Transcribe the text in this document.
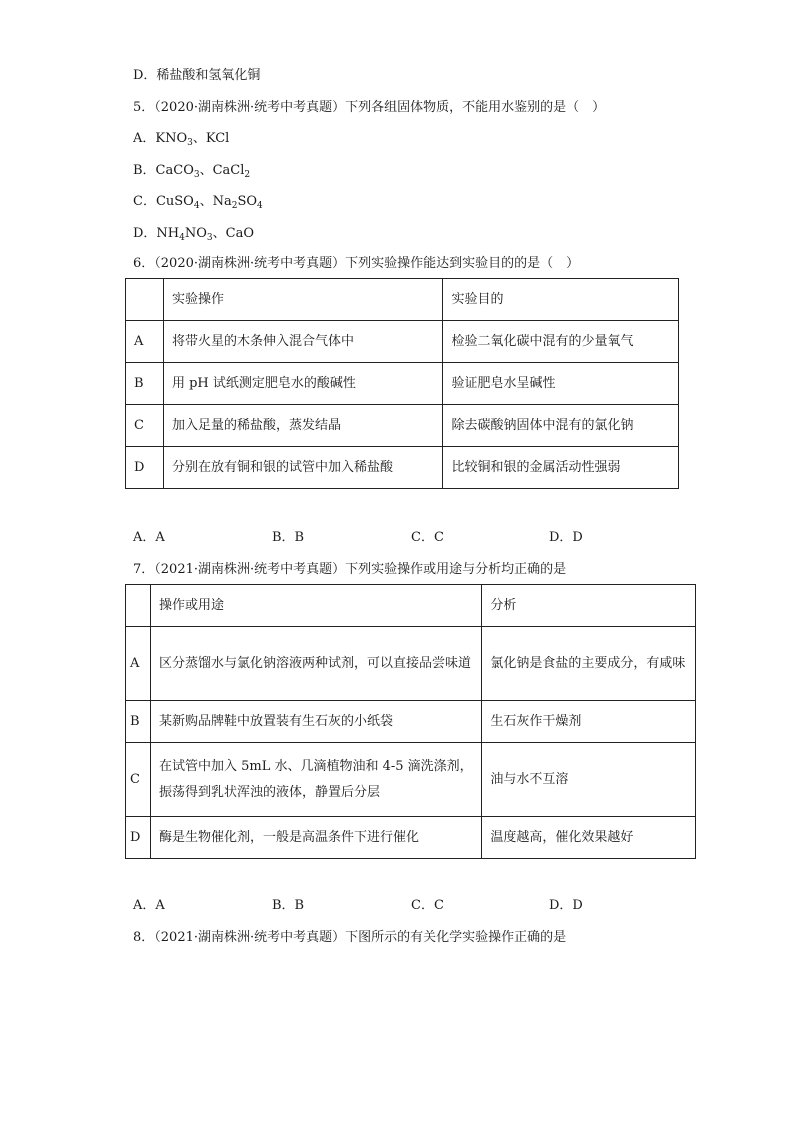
D．稀盐酸和氢氧化铜
5．（2020·湖南株洲·统考中考真题）下列各组固体物质，不能用水鉴别的是（　）
A．$KNO_3$、KCl
B．CaCO$_3$、CaCl$_2$
C．CuSO$_4$、$Na_2SO_4$
D．$NH_4NO_3$、CaO
6．（2020·湖南株洲·统考中考真题）下列实验操作能达到实验目的的是（　）
	实验操作	实验目的
A	将带火星的木条伸入混合气体中	检验二氧化碳中混有的少量氧气
B	用 pH 试纸测定肥皂水的酸碱性	验证肥皂水呈碱性
C	加入足量的稀盐酸，蒸发结晶	除去碳酸钠固体中混有的氯化钠
D	分别在放有铜和银的试管中加入稀盐酸	比较铜和银的金属活动性强弱
A．A	B．B	C．C	D．D
7．（2021·湖南株洲·统考中考真题）下列实验操作或用途与分析均正确的是
	操作或用途	分析
A	区分蒸馏水与氯化钠溶液两种试剂，可以直接品尝味道	氯化钠是食盐的主要成分，有咸味
B	某新购品牌鞋中放置装有生石灰的小纸袋	生石灰作干燥剂
C	在试管中加入 5mL 水、几滴植物油和 4-5 滴洗涤剂，振荡得到乳状浑浊的液体，静置后分层	油与水不互溶
D	酶是生物催化剂，一般是高温条件下进行催化	温度越高，催化效果越好
A．A	B．B	C．C	D．D
8．（2021·湖南株洲·统考中考真题）下图所示的有关化学实验操作正确的是
